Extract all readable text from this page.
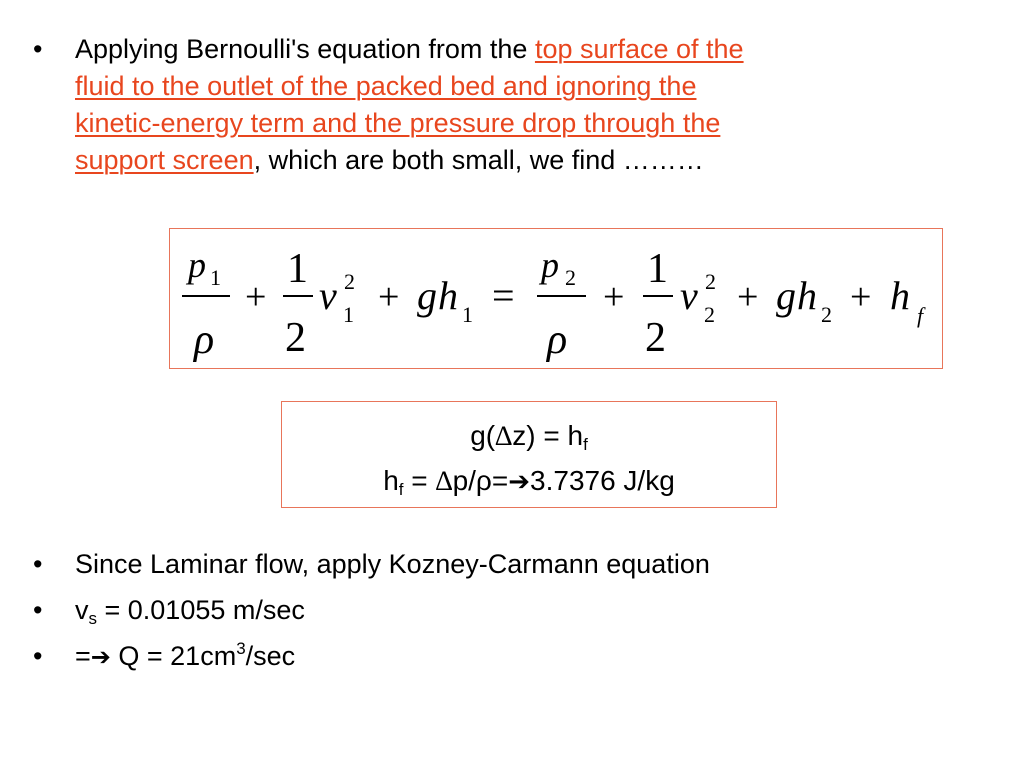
• Applying Bernoulli's equation from the top surface of the
fluid to the outlet of the packed bed and ignoring the
kinetic-energy term and the pressure drop through the
support screen, which are both small, we find ………
p 1
ρ
+
1
2
v 2
1 + g h 1 =
p 2
ρ
+
1
2
v 2
2 + g h 2 + h f
$g(\Delta z) = h_f$
$h_f$ = ∆p/ρ=➔3.7376 J/kg
• Since Laminar flow, apply Kozney-Carmann equation
• $v_s = 0.01055$ m/sec
• =➔ $Q = 21cm^3/\sec$
